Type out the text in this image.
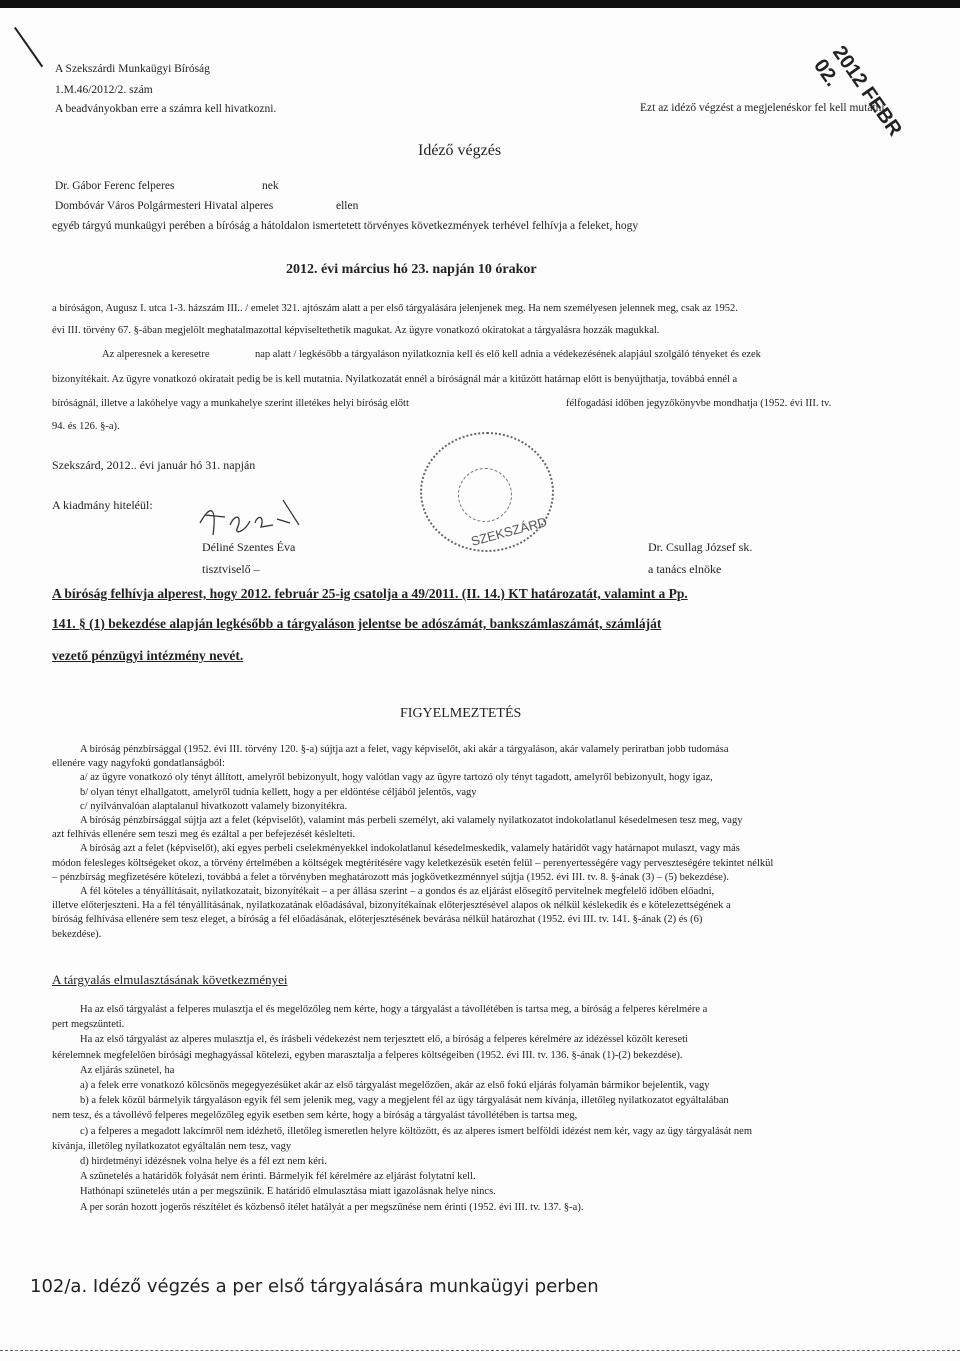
A Szekszárdi Munkaügyi Bíróság
1.M.46/2012/2. szám
A beadványokban erre a számra kell hivatkozni.	Ezt az idéző végzést a megjelenéskor fel kell mutatni.
2012 FEBR 02.
Idéző végzés
Dr. Gábor Ferenc felperes	nek
Dombóvár Város Polgármesteri Hivatal alperes	ellen
egyéb tárgyú munkaügyi perében a bíróság a hátoldalon ismertetett törvényes következmények terhével felhívja a feleket, hogy
2012. évi március hó 23. napján 10 órakor
a bíróságon, Augusz I. utca 1-3. házszám III.. / emelet 321. ajtószám alatt a per első tárgyalására jelenjenek meg. Ha nem személyesen jelennek meg, csak az 1952.
évi III. törvény 67. §-ában megjelölt meghatalmazottal képviseltethetik magukat. Az ügyre vonatkozó okiratokat a tárgyalásra hozzák magukkal.
Az alperesnek a keresetre	nap alatt / legkésőbb a tárgyaláson nyilatkoznia kell és elő kell adnia a védekezésének alapjául szolgáló tényeket és ezek
bizonyítékait. Az ügyre vonatkozó okiratait pedig be is kell mutatnia. Nyilatkozatát ennél a bíróságnál már a kitűzött határnap előtt is benyújthatja, továbbá ennél a
bíróságnál, illetve a lakóhelye vagy a munkahelye szerint illetékes helyi bíróság előtt	félfogadási időben jegyzőkönyvbe mondhatja (1952. évi III. tv.
94. és 126. §-a).
Szekszárd, 2012.. évi január hó 31. napján
A kiadmány hiteléül:
Déliné Szentes Éva
tisztviselő –
Dr. Csullag József sk.
a tanács elnöke
SZEKSZÁRD
A bíróság felhívja alperest, hogy 2012. február 25-ig csatolja a 49/2011. (II. 14.) KT határozatát, valamint a Pp.
141. § (1) bekezdése alapján legkésőbb a tárgyaláson jelentse be adószámát, bankszámlaszámát, számláját
vezető pénzügyi intézmény nevét.
FIGYELMEZTETÉS
A bíróság pénzbírsággal (1952. évi III. törvény 120. §-a) sújtja azt a felet, vagy képviselőt, aki akár a tárgyaláson, akár valamely periratban jobb tudomása
ellenére vagy nagyfokú gondatlanságból:
a/ az ügyre vonatkozó oly tényt állított, amelyről bebizonyult, hogy valótlan vagy az ügyre tartozó oly tényt tagadott, amelyről bebizonyult, hogy igaz,
b/ olyan tényt elhallgatott, amelyről tudnia kellett, hogy a per eldöntése céljából jelentős, vagy
c/ nyilvánvalóan alaptalanul hivatkozott valamely bizonyítékra.
A bíróság pénzbírsággal sújtja azt a felet (képviselőt), valamint más perbeli személyt, aki valamely nyilatkozatot indokolatlanul késedelmesen tesz meg, vagy
azt felhívás ellenére sem teszi meg és ezáltal a per befejezését késlelteti.
A bíróság azt a felet (képviselőt), aki egyes perbeli cselekményekkel indokolatlanul késedelmeskedik, valamely határidőt vagy határnapot mulaszt, vagy más
módon felesleges költségeket okoz, a törvény értelmében a költségek megtérítésére vagy keletkezésük esetén felül – perenyertességére vagy perveszteségére tekintet nélkül
– pénzbírság megfizetésére kötelezi, továbbá a felet a törvényben meghatározott más jogkövetkezménnyel sújtja (1952. évi III. tv. 8. §-ának (3) – (5) bekezdése).
A fél köteles a tényállításait, nyilatkozatait, bizonyítékait – a per állása szerint – a gondos és az eljárást elősegítő pervitelnek megfelelő időben előadni,
illetve előterjeszteni. Ha a fél tényállításának, nyilatkozatának előadásával, bizonyítékainak előterjesztésével alapos ok nélkül késlekedik és e kötelezettségének a
bíróság felhívása ellenére sem tesz eleget, a bíróság a fél előadásának, előterjesztésének bevárása nélkül határozhat (1952. évi III. tv. 141. §-ának (2) és (6)
bekezdése).
A tárgyalás elmulasztásának következményei
Ha az első tárgyalást a felperes mulasztja el és megelőzőleg nem kérte, hogy a tárgyalást a távollétében is tartsa meg, a bíróság a felperes kérelmére a
pert megszünteti.
Ha az első tárgyalást az alperes mulasztja el, és írásbeli védekezést nem terjesztett elő, a bíróság a felperes kérelmére az idézéssel közölt kereseti
kérelemnek megfelelően bírósági meghagyással kötelezi, egyben marasztalja a felperes költségeiben (1952. évi III. tv. 136. §-ának (1)-(2) bekezdése).
Az eljárás szünetel, ha
a) a felek erre vonatkozó kölcsönös megegyezésüket akár az első tárgyalást megelőzően, akár az első fokú eljárás folyamán bármikor bejelentik, vagy
b) a felek közül bármelyik tárgyaláson egyik fél sem jelenik meg, vagy a megjelent fél az ügy tárgyalását nem kívánja, illetőleg nyilatkozatot egyáltalában
nem tesz, és a távollévő felperes megelőzőleg egyik esetben sem kérte, hogy a bíróság a tárgyalást távollétében is tartsa meg,
c) a felperes a megadott lakcímről nem idézhető, illetőleg ismeretlen helyre költözött, és az alperes ismert belföldi idézést nem kér, vagy az ügy tárgyalását nem
kívánja, illetőleg nyilatkozatot egyáltalán nem tesz, vagy
d) hirdetményi idézésnek volna helye és a fél ezt nem kéri.
A szünetelés a határidők folyását nem érinti. Bármelyik fél kérelmére az eljárást folytatni kell.
Hathónapi szünetelés után a per megszűnik. E határidő elmulasztása miatt igazolásnak helye nincs.
A per során hozott jogerős részítélet és közbenső ítélet hatályát a per megszűnése nem érinti (1952. évi III. tv. 137. §-a).
102/a. Idéző végzés a per első tárgyalására munkaügyi perben
